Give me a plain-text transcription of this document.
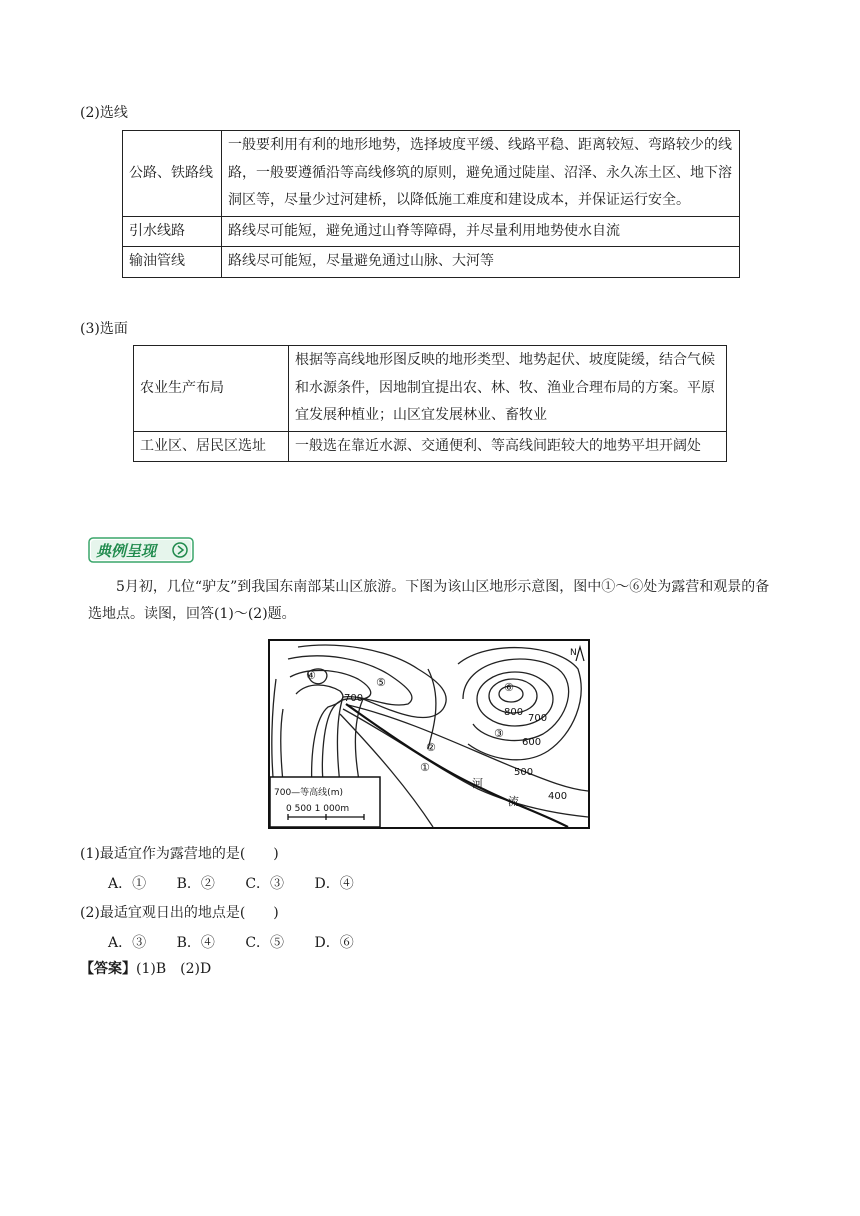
(2)选线
公路、铁路线	一般要利用有利的地形地势，选择坡度平缓、线路平稳、距离较短、弯路较少的线路，一般要遵循沿等高线修筑的原则，避免通过陡崖、沼泽、永久冻土区、地下溶洞区等，尽量少过河建桥，以降低施工难度和建设成本，并保证运行安全。
引水线路	路线尽可能短，避免通过山脊等障碍，并尽量利用地势使水自流
输油管线	路线尽可能短，尽量避免通过山脉、大河等
(3)选面
农业生产布局	根据等高线地形图反映的地形类型、地势起伏、坡度陡缓，结合气候和水源条件，因地制宜提出农、林、牧、渔业合理布局的方案。平原宜发展种植业；山区宜发展林业、畜牧业
工业区、居民区选址	一般选在靠近水源、交通便利、等高线间距较大的地势平坦开阔处
典例呈现
5月初，几位“驴友”到我国东南部某山区旅游。下图为该山区地形示意图，图中①～⑥处为露营和观景的备选地点。读图，回答(1)～(2)题。
④
⑤	⑥
③
②
①
700
800
700
600
500
400
河
流
N
700—等高线(m)
0 500 1 000m
(1)最适宜作为露营地的是(　　)
A．① B．② C．③ D．④
(2)最适宜观日出的地点是(　　)
A．③ B．④ C．⑤ D．⑥
【答案】(1)B　(2)D
